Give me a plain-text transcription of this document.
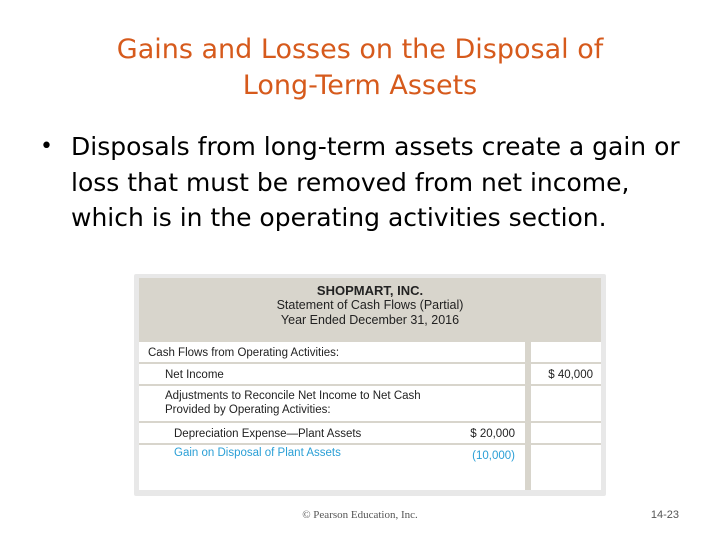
Gains and Losses on the Disposal of
Long-Term Assets
• Disposals from long-term assets create a gain or loss that must be removed from net income, which is in the operating activities section.
SHOPMART, INC.
Statement of Cash Flows (Partial)
Year Ended December 31, 2016
Cash Flows from Operating Activities:
Net Income	$ 40,000
Adjustments to Reconcile Net Income to Net Cash
Provided by Operating Activities:
Depreciation Expense—Plant Assets	$ 20,000
Gain on Disposal of Plant Assets	(10,000)
© Pearson Education, Inc.	14-23
